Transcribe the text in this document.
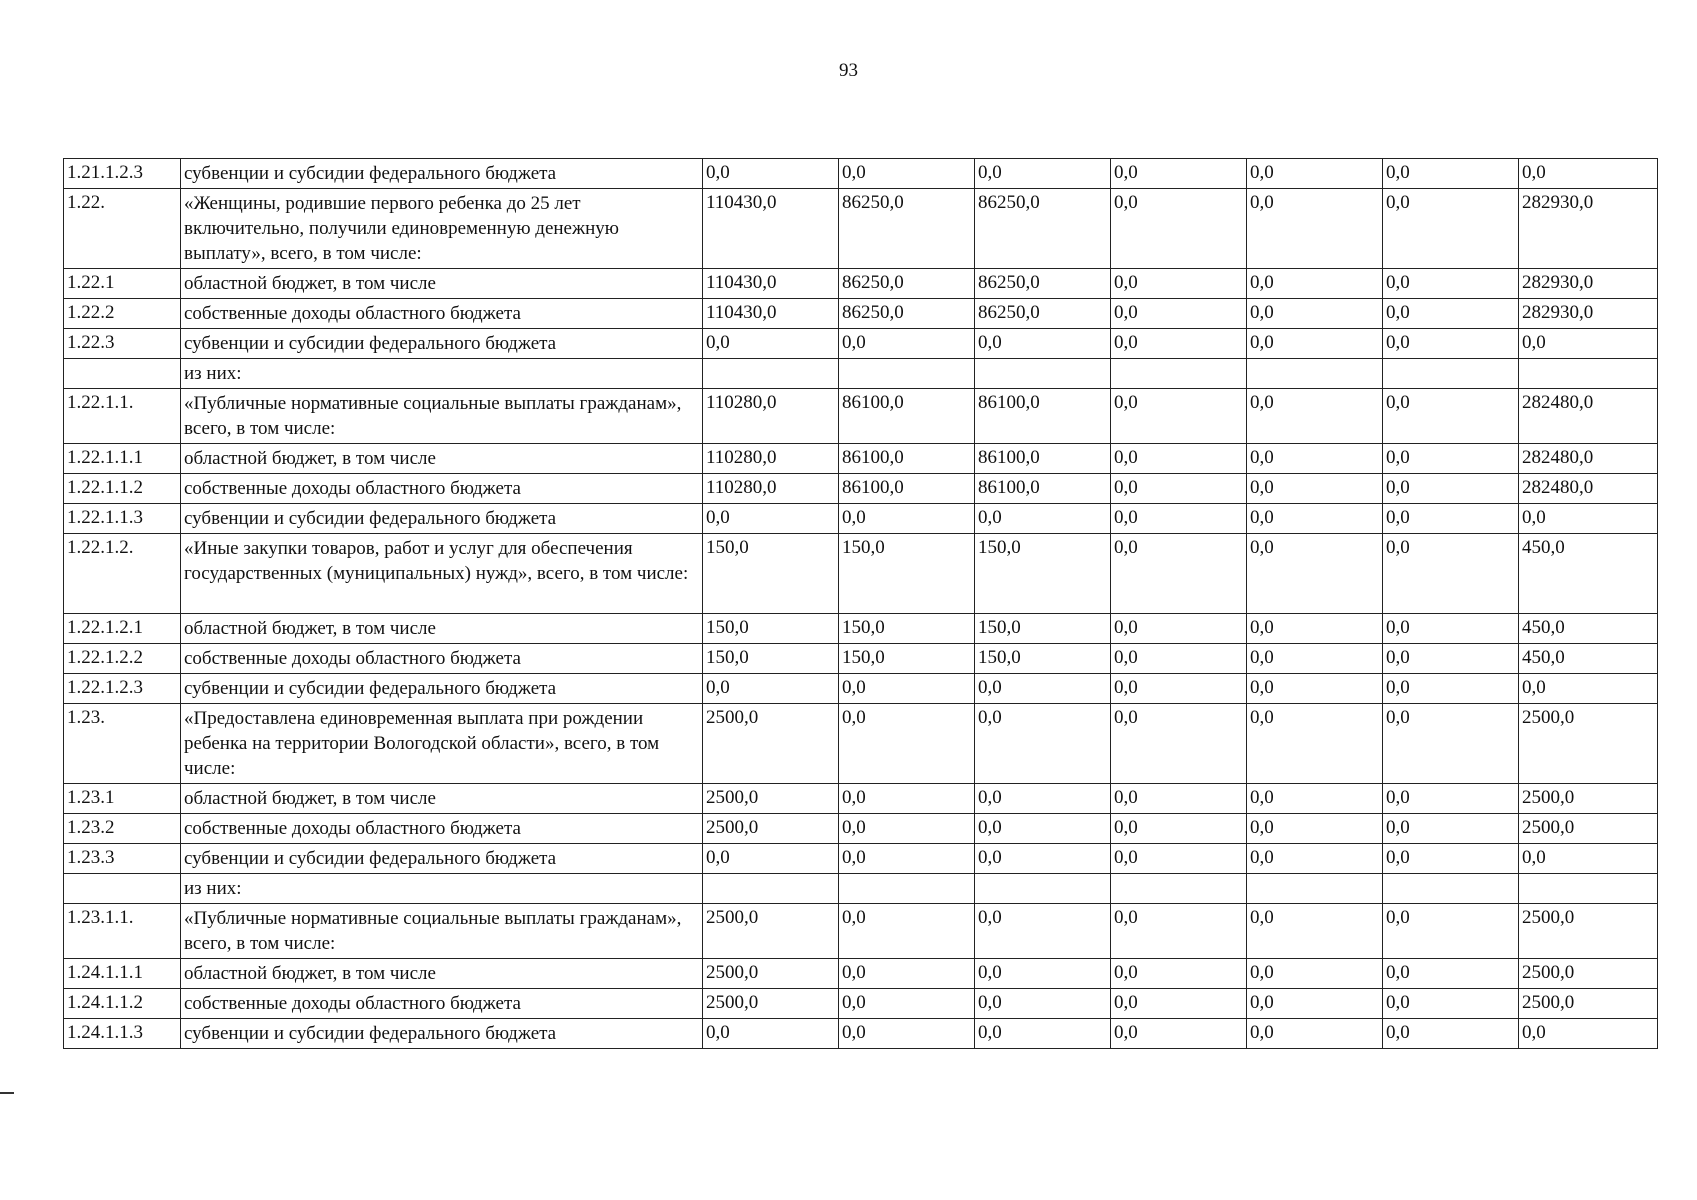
93
1.21.1.2.3	субвенции и субсидии федерального бюджета	0,0	0,0	0,0	0,0	0,0	0,0	0,0
1.22.	«Женщины, родившие первого ребенка до 25 лет включительно, получили единовременную денежную выплату», всего, в том числе:	110430,0	86250,0	86250,0	0,0	0,0	0,0	282930,0
1.22.1	областной бюджет, в том числе	110430,0	86250,0	86250,0	0,0	0,0	0,0	282930,0
1.22.2	собственные доходы областного бюджета	110430,0	86250,0	86250,0	0,0	0,0	0,0	282930,0
1.22.3	субвенции и субсидии федерального бюджета	0,0	0,0	0,0	0,0	0,0	0,0	0,0
	из них:							
1.22.1.1.	«Публичные нормативные социальные выплаты гражданам», всего, в том числе:	110280,0	86100,0	86100,0	0,0	0,0	0,0	282480,0
1.22.1.1.1	областной бюджет, в том числе	110280,0	86100,0	86100,0	0,0	0,0	0,0	282480,0
1.22.1.1.2	собственные доходы областного бюджета	110280,0	86100,0	86100,0	0,0	0,0	0,0	282480,0
1.22.1.1.3	субвенции и субсидии федерального бюджета	0,0	0,0	0,0	0,0	0,0	0,0	0,0
1.22.1.2.	«Иные закупки товаров, работ и услуг для обеспечения государственных (муниципальных) нужд», всего, в том числе:	150,0	150,0	150,0	0,0	0,0	0,0	450,0
1.22.1.2.1	областной бюджет, в том числе	150,0	150,0	150,0	0,0	0,0	0,0	450,0
1.22.1.2.2	собственные доходы областного бюджета	150,0	150,0	150,0	0,0	0,0	0,0	450,0
1.22.1.2.3	субвенции и субсидии федерального бюджета	0,0	0,0	0,0	0,0	0,0	0,0	0,0
1.23.	«Предоставлена единовременная выплата при рождении ребенка на территории Вологодской области», всего, в том числе:	2500,0	0,0	0,0	0,0	0,0	0,0	2500,0
1.23.1	областной бюджет, в том числе	2500,0	0,0	0,0	0,0	0,0	0,0	2500,0
1.23.2	собственные доходы областного бюджета	2500,0	0,0	0,0	0,0	0,0	0,0	2500,0
1.23.3	субвенции и субсидии федерального бюджета	0,0	0,0	0,0	0,0	0,0	0,0	0,0
	из них:							
1.23.1.1.	«Публичные нормативные социальные выплаты гражданам», всего, в том числе:	2500,0	0,0	0,0	0,0	0,0	0,0	2500,0
1.24.1.1.1	областной бюджет, в том числе	2500,0	0,0	0,0	0,0	0,0	0,0	2500,0
1.24.1.1.2	собственные доходы областного бюджета	2500,0	0,0	0,0	0,0	0,0	0,0	2500,0
1.24.1.1.3	субвенции и субсидии федерального бюджета	0,0	0,0	0,0	0,0	0,0	0,0	0,0
